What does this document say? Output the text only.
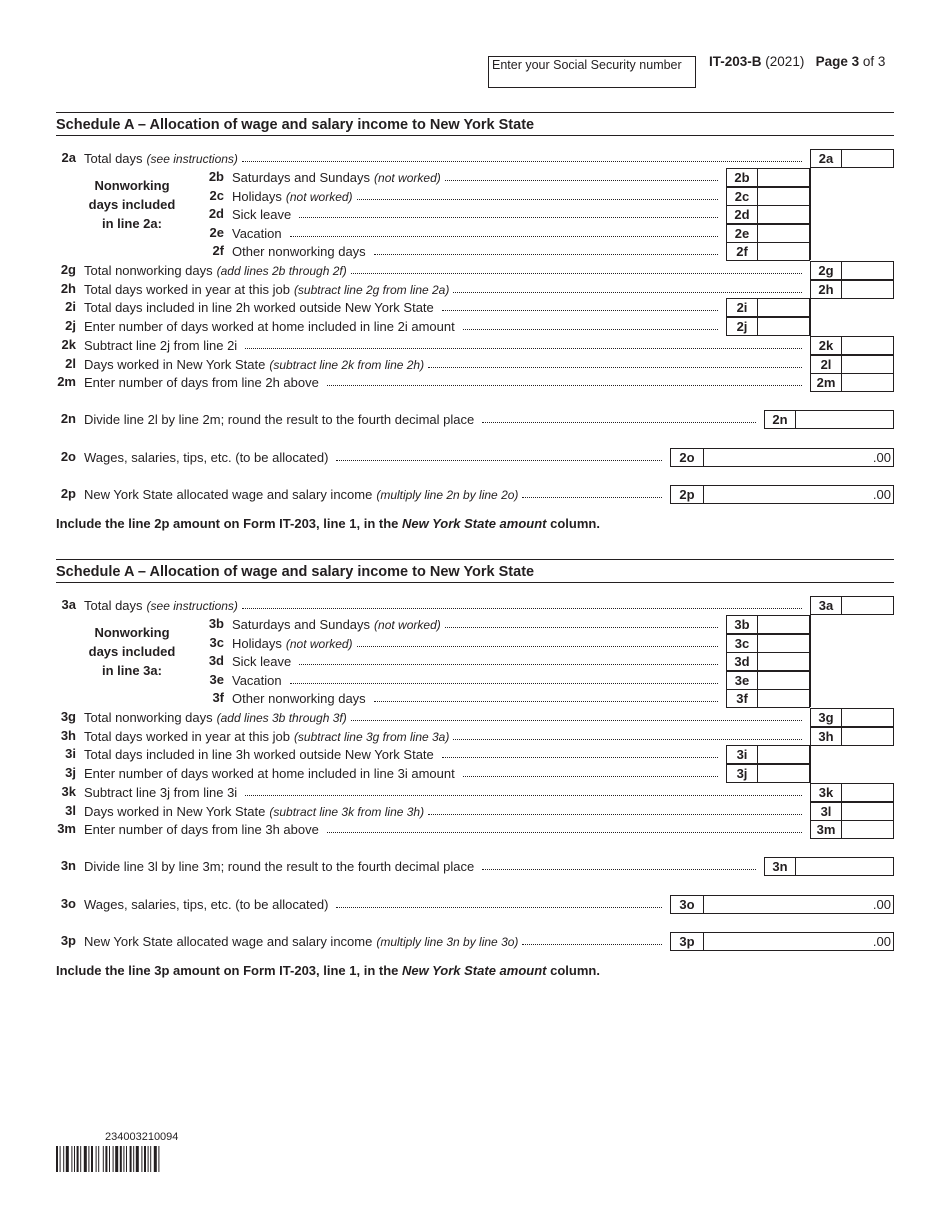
Enter your Social Security number	IT-203-B (2021) Page 3 of 3
Schedule A – Allocation of wage and salary income to New York State
Nonworking
days included
in line 2a:
2a Total days (see instructions)	2a
2b Saturdays and Sundays (not worked)	2b
2c Holidays (not worked)	2c
2d Sick leave	2d
2e Vacation	2e
2f Other nonworking days	2f
2g Total nonworking days (add lines 2b through 2f)	2g
2h Total days worked in year at this job (subtract line 2g from line 2a)	2h
2i Total days included in line 2h worked outside New York State	2i
2j Enter number of days worked at home included in line 2i amount	2j
2k Subtract line 2j from line 2i	2k
2l Days worked in New York State (subtract line 2k from line 2h)	2l
2m Enter number of days from line 2h above	2m
2n Divide line 2l by line 2m; round the result to the fourth decimal place	2n
2o Wages, salaries, tips, etc. (to be allocated)	2o	.00
2p New York State allocated wage and salary income (multiply line 2n by line 2o)	2p	.00
Include the line 2p amount on Form IT-203, line 1, in the New York State amount column.
Schedule A – Allocation of wage and salary income to New York State
Nonworking
days included
in line 3a:
3a Total days (see instructions)	3a
3b Saturdays and Sundays (not worked)	3b
3c Holidays (not worked)	3c
3d Sick leave	3d
3e Vacation	3e
3f Other nonworking days	3f
3g Total nonworking days (add lines 3b through 3f)	3g
3h Total days worked in year at this job (subtract line 3g from line 3a)	3h
3i Total days included in line 3h worked outside New York State	3i
3j Enter number of days worked at home included in line 3i amount	3j
3k Subtract line 3j from line 3i	3k
3l Days worked in New York State (subtract line 3k from line 3h)	3l
3m Enter number of days from line 3h above	3m
3n Divide line 3l by line 3m; round the result to the fourth decimal place	3n
3o Wages, salaries, tips, etc. (to be allocated)	3o	.00
3p New York State allocated wage and salary income (multiply line 3n by line 3o)	3p	.00
Include the line 3p amount on Form IT-203, line 1, in the New York State amount column.
234003210094
